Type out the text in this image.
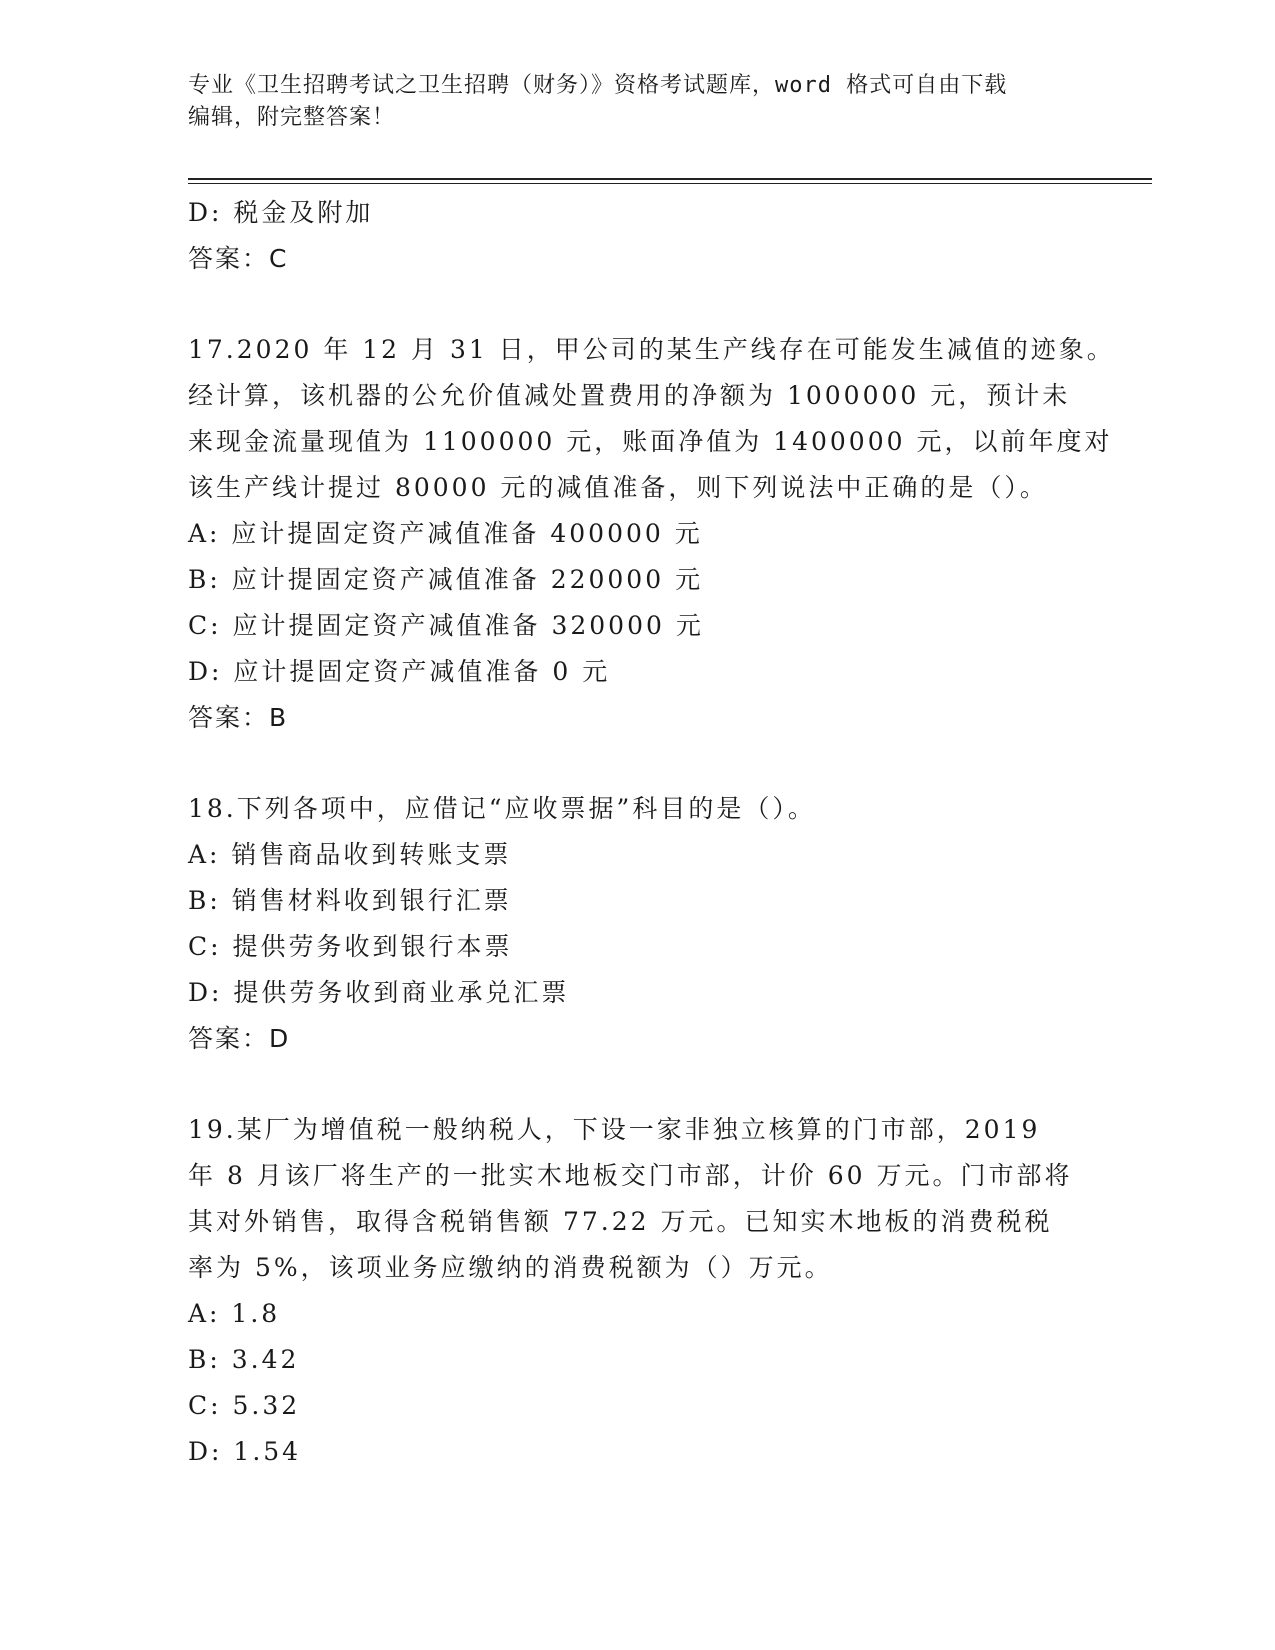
专业《卫生招聘考试之卫生招聘（财务）》资格考试题库，word 格式可自由下载
编辑，附完整答案！
D: 税金及附加
答案：C
17.2020 年 12 月 31 日，甲公司的某生产线存在可能发生减值的迹象。
经计算，该机器的公允价值减处置费用的净额为 1000000 元，预计未
来现金流量现值为 1100000 元，账面净值为 1400000 元，以前年度对
该生产线计提过 80000 元的减值准备，则下列说法中正确的是（）。
A: 应计提固定资产减值准备 400000 元
B: 应计提固定资产减值准备 220000 元
C: 应计提固定资产减值准备 320000 元
D: 应计提固定资产减值准备 0 元
答案：B
18.下列各项中，应借记“应收票据”科目的是（）。
A: 销售商品收到转账支票
B: 销售材料收到银行汇票
C: 提供劳务收到银行本票
D: 提供劳务收到商业承兑汇票
答案：D
19.某厂为增值税一般纳税人，下设一家非独立核算的门市部，2019
年 8 月该厂将生产的一批实木地板交门市部，计价 60 万元。门市部将
其对外销售，取得含税销售额 77.22 万元。已知实木地板的消费税税
率为 5%，该项业务应缴纳的消费税额为（）万元。
A: 1.8
B: 3.42
C: 5.32
D: 1.54
